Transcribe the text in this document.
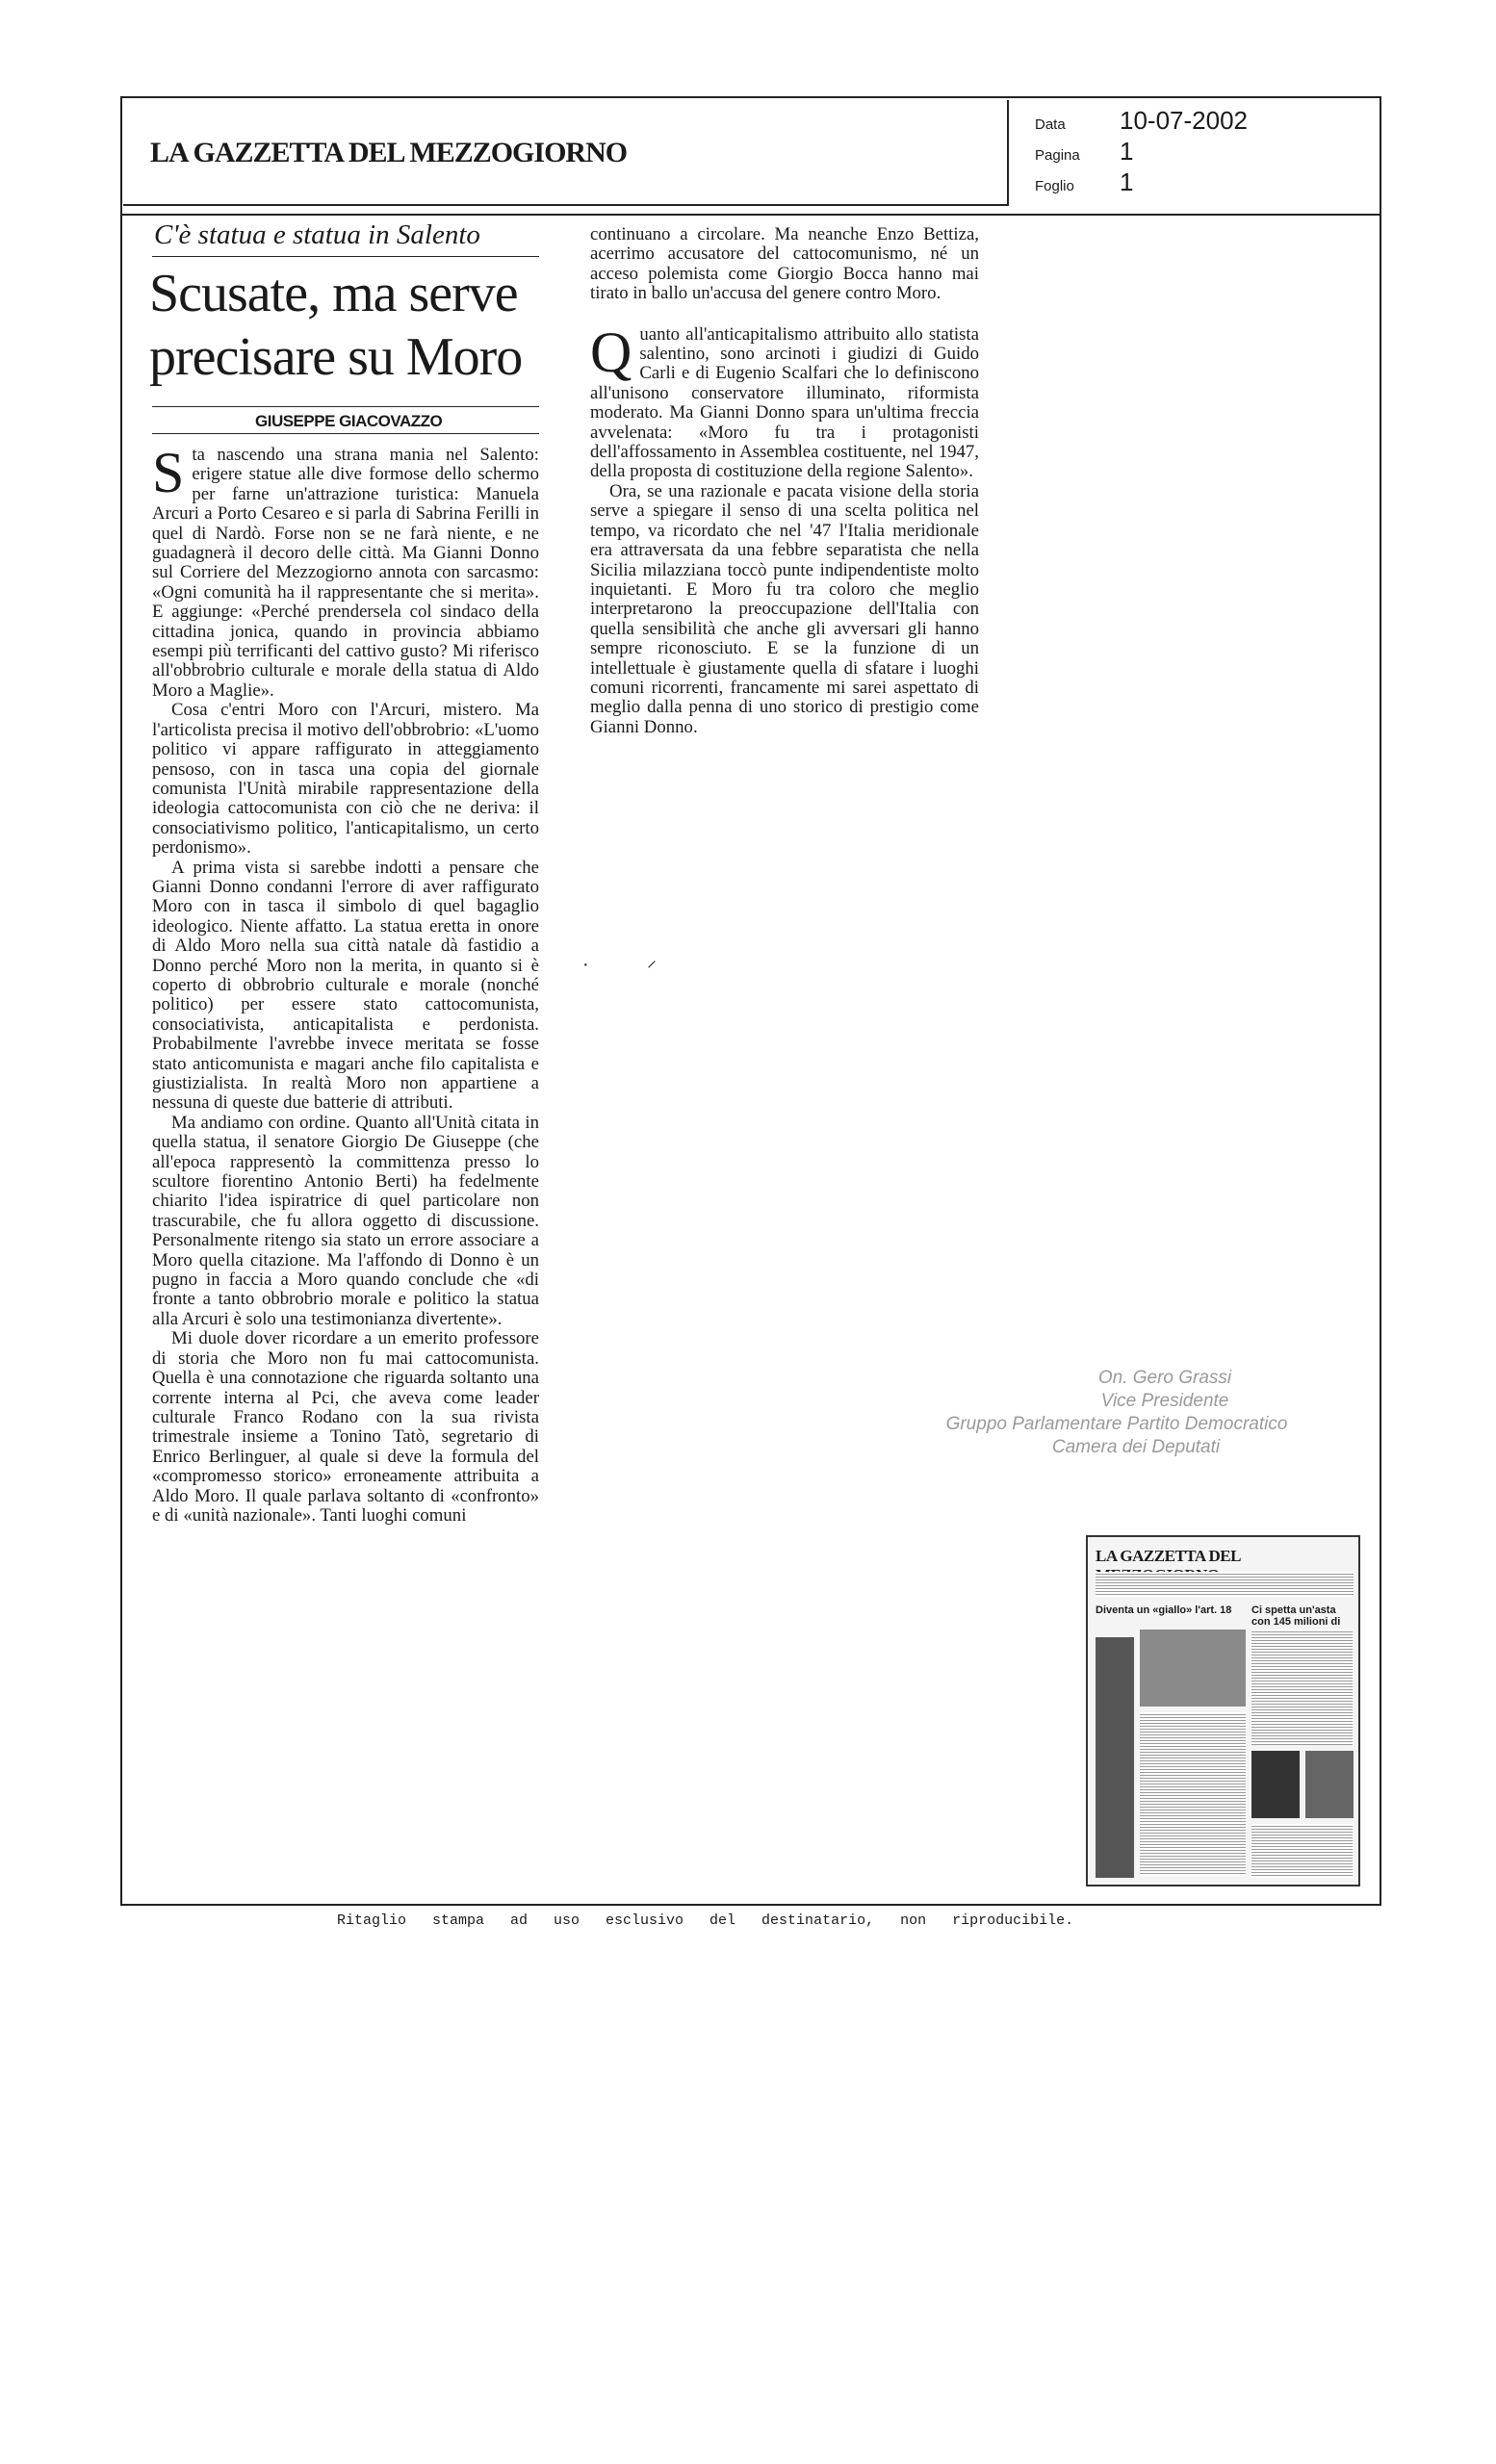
LA GAZZETTA DEL MEZZOGIORNO
Data 10-07-2002
Pagina 1
Foglio 1
C'è statua e statua in Salento
Scusate, ma serve precisare su Moro
GIUSEPPE GIACOVAZZO

Sta nascendo una strana mania nel Salento: erigere statue alle dive formose dello schermo per farne un'attrazione turistica: Manuela Arcuri a Porto Cesareo e si parla di Sabrina Ferilli in quel di Nardò. Forse non se ne farà niente, e ne guadagnerà il decoro delle città. Ma Gianni Donno sul Corriere del Mezzogiorno annota con sarcasmo: «Ogni comunità ha il rappresentante che si merita». E aggiunge: «Perché prendersela col sindaco della cittadina jonica, quando in provincia abbiamo esempi più terrificanti del cattivo gusto? Mi riferisco all'obbrobrio culturale e morale della statua di Aldo Moro a Maglie».

Cosa c'entri Moro con l'Arcuri, mistero. Ma l'articolista precisa il motivo dell'obbrobrio: «L'uomo politico vi appare raffigurato in atteggiamento pensoso, con in tasca una copia del giornale comunista l'Unità mirabile rappresentazione della ideologia cattocomunista con ciò che ne deriva: il consociativismo politico, l'anticapitalismo, un certo perdonismo».

A prima vista si sarebbe indotti a pensare che Gianni Donno condanni l'errore di aver raffigurato Moro con in tasca il simbolo di quel bagaglio ideologico. Niente affatto. La statua eretta in onore di Aldo Moro nella sua città natale dà fastidio a Donno perché Moro non la merita, in quanto si è coperto di obbrobrio culturale e morale (nonché politico) per essere stato cattocomunista, consociativista, anticapitalista e perdonista. Probabilmente l'avrebbe invece meritata se fosse stato anticomunista e magari anche filo capitalista e giustizialista. In realtà Moro non appartiene a nessuna di queste due batterie di attributi.

Ma andiamo con ordine. Quanto all'Unità citata in quella statua, il senatore Giorgio De Giuseppe (che all'epoca rappresentò la committenza presso lo scultore fiorentino Antonio Berti) ha fedelmente chiarito l'idea ispiratrice di quel particolare non trascurabile, che fu allora oggetto di discussione. Personalmente ritengo sia stato un errore associare a Moro quella citazione. Ma l'affondo di Donno è un pugno in faccia a Moro quando conclude che «di fronte a tanto obbrobrio morale e politico la statua alla Arcuri è solo una testimonianza divertente».

Mi duole dover ricordare a un emerito professore di storia che Moro non fu mai cattocomunista. Quella è una connotazione che riguarda soltanto una corrente interna al Pci, che aveva come leader culturale Franco Rodano con la sua rivista trimestrale insieme a Tonino Tatò, segretario di Enrico Berlinguer, al quale si deve la formula del «compromesso storico» erroneamente attribuita a Aldo Moro. Il quale parlava soltanto di «confronto» e di «unità nazionale». Tanti luoghi comuni

continuano a circolare. Ma neanche Enzo Bettiza, acerrimo accusatore del cattocomunismo, né un acceso polemista come Giorgio Bocca hanno mai tirato in ballo un'accusa del genere contro Moro.

Quanto all'anticapitalismo attribuito allo statista salentino, sono arcinoti i giudizi di Guido Carli e di Eugenio Scalfari che lo definiscono all'unisono conservatore illuminato, riformista moderato. Ma Gianni Donno spara un'ultima freccia avvelenata: «Moro fu tra i protagonisti dell'affossamento in Assemblea costituente, nel 1947, della proposta di costituzione della regione Salento».

Ora, se una razionale e pacata visione della storia serve a spiegare il senso di una scelta politica nel tempo, va ricordato che nel '47 l'Italia meridionale era attraversata da una febbre separatista che nella Sicilia milazziana toccò punte indipendentiste molto inquietanti. E Moro fu tra coloro che meglio interpretarono la preoccupazione dell'Italia con quella sensibilità che anche gli avversari gli hanno sempre riconosciuto. E se la funzione di un intellettuale è giustamente quella di sfatare i luoghi comuni ricorrenti, francamente mi sarei aspettato di meglio dalla penna di uno storico di prestigio come Gianni Donno.

·	⸝
On. Gero Grassi
Vice Presidente
Gruppo Parlamentare Partito Democratico
Camera dei Deputati
LA GAZZETTA DEL
Diventa un «giallo» l'art. 18 Ci spetta un'asta con 145 milioni di
Ritaglio stampa ad uso esclusivo del destinatario, non riproducibile.
